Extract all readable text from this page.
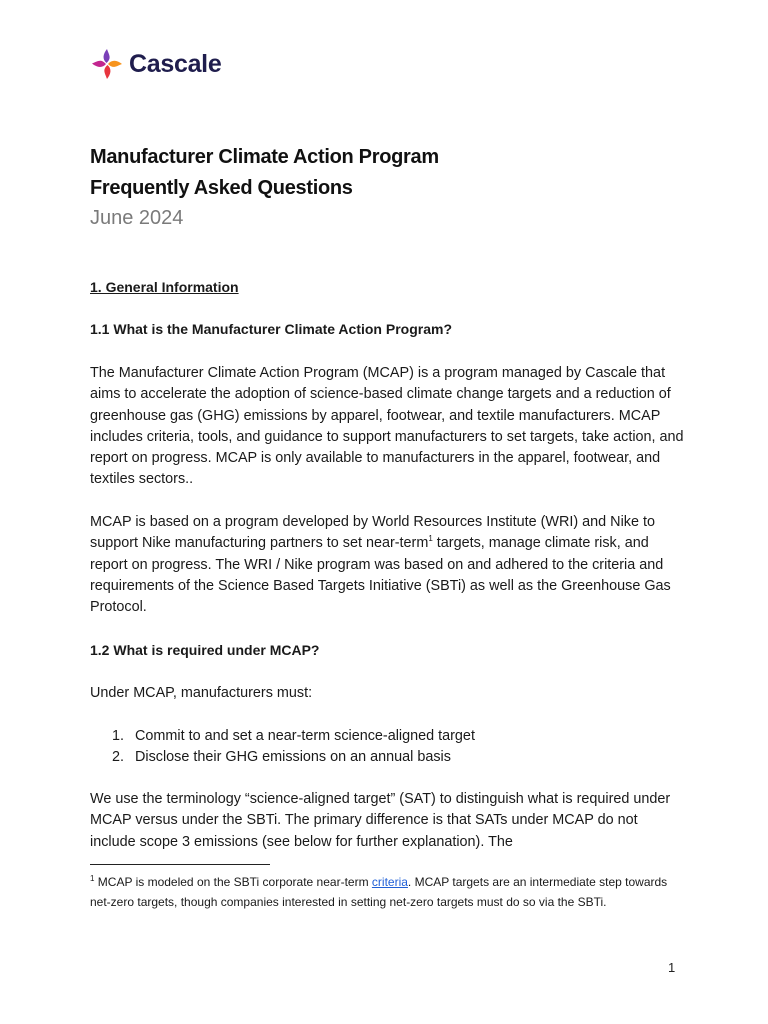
Cascale
Manufacturer Climate Action Program
Frequently Asked Questions
June 2024
1. General Information
1.1 What is the Manufacturer Climate Action Program?

The Manufacturer Climate Action Program (MCAP) is a program managed by Cascale that aims to accelerate the adoption of science-based climate change targets and a reduction of greenhouse gas (GHG) emissions by apparel, footwear, and textile manufacturers. MCAP includes criteria, tools, and guidance to support manufacturers to set targets, take action, and report on progress. MCAP is only available to manufacturers in the apparel, footwear, and textiles sectors..

MCAP is based on a program developed by World Resources Institute (WRI) and Nike to support Nike manufacturing partners to set near-term$^1$ targets, manage climate risk, and report on progress. The WRI / Nike program was based on and adhered to the criteria and requirements of the Science Based Targets Initiative (SBTi) as well as the Greenhouse Gas Protocol.

1.2 What is required under MCAP?

Under MCAP, manufacturers must:

1. Commit to and set a near-term science-aligned target
2. Disclose their GHG emissions on an annual basis

We use the terminology “science-aligned target” (SAT) to distinguish what is required under MCAP versus under the SBTi. The primary difference is that SATs under MCAP do not include scope 3 emissions (see below for further explanation). The

$^1$ MCAP is modeled on the SBTi corporate near-term criteria. MCAP targets are an intermediate step towards net-zero targets, though companies interested in setting net-zero targets must do so via the SBTi.

1
